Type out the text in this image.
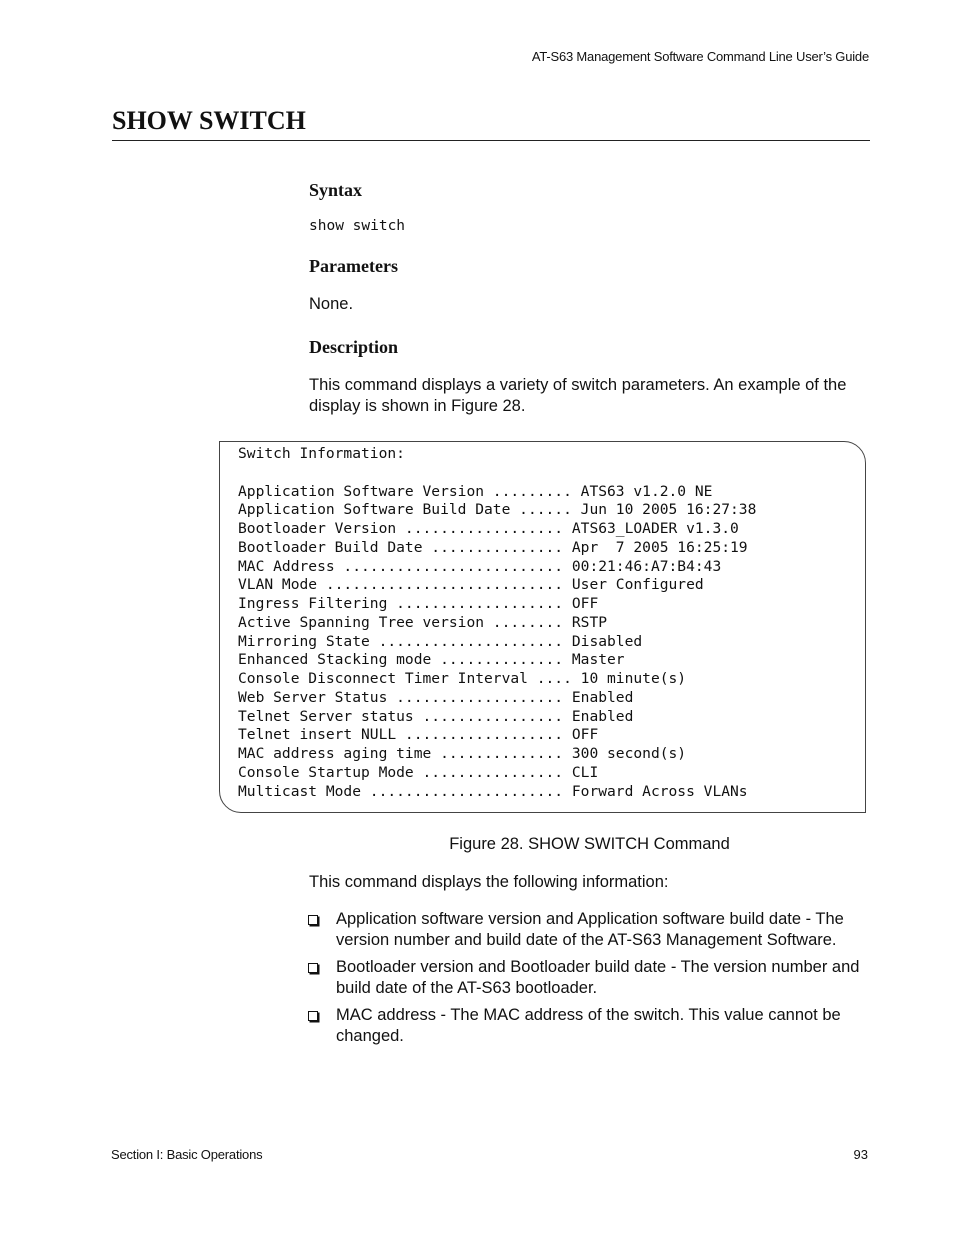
AT-S63 Management Software Command Line User’s Guide
SHOW SWITCH
Syntax
show switch
Parameters
None.
Description
This command displays a variety of switch parameters. An example of the display is shown in Figure 28.
Switch Information:
Application Software Version ......... ATS63 v1.2.0 NE
Application Software Build Date ...... Jun 10 2005 16:27:38
Bootloader Version .................. ATS63_LOADER v1.3.0
Bootloader Build Date ............... Apr  7 2005 16:25:19
MAC Address ......................... 00:21:46:A7:B4:43
VLAN Mode ........................... User Configured
Ingress Filtering ................... OFF
Active Spanning Tree version ........ RSTP
Mirroring State ..................... Disabled
Enhanced Stacking mode .............. Master
Console Disconnect Timer Interval .... 10 minute(s)
Web Server Status ................... Enabled
Telnet Server status ................ Enabled
Telnet insert NULL .................. OFF
MAC address aging time .............. 300 second(s)
Console Startup Mode ................ CLI
Multicast Mode ...................... Forward Across VLANs
Figure 28. SHOW SWITCH Command
This command displays the following information:
Application software version and Application software build date - The version number and build date of the AT-S63 Management Software.
Bootloader version and Bootloader build date - The version number and build date of the AT-S63 bootloader.
MAC address - The MAC address of the switch. This value cannot be changed.
Section I: Basic Operations	93
